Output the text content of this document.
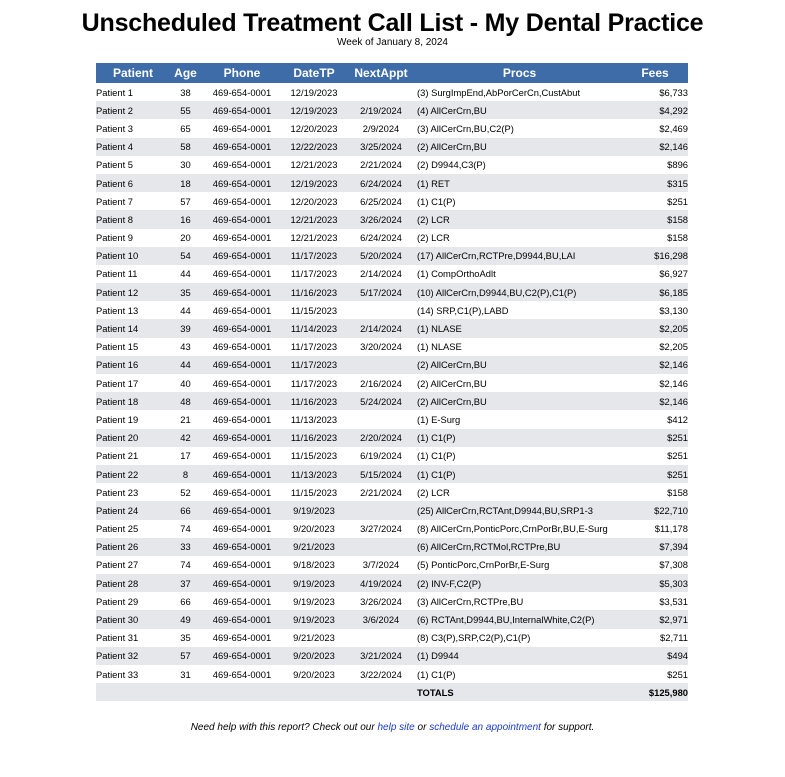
Unscheduled Treatment Call List - My Dental Practice
Week of January 8, 2024
Patient	Age	Phone	DateTP	NextAppt	Procs	Fees
Patient 1	38	469-654-0001	12/19/2023		(3) SurgImpEnd,AbPorCerCn,CustAbut	$6,733
Patient 2	55	469-654-0001	12/19/2023	2/19/2024	(4) AllCerCrn,BU	$4,292
Patient 3	65	469-654-0001	12/20/2023	2/9/2024	(3) AllCerCrn,BU,C2(P)	$2,469
Patient 4	58	469-654-0001	12/22/2023	3/25/2024	(2) AllCerCrn,BU	$2,146
Patient 5	30	469-654-0001	12/21/2023	2/21/2024	(2) D9944,C3(P)	$896
Patient 6	18	469-654-0001	12/19/2023	6/24/2024	(1) RET	$315
Patient 7	57	469-654-0001	12/20/2023	6/25/2024	(1) C1(P)	$251
Patient 8	16	469-654-0001	12/21/2023	3/26/2024	(2) LCR	$158
Patient 9	20	469-654-0001	12/21/2023	6/24/2024	(2) LCR	$158
Patient 10	54	469-654-0001	11/17/2023	5/20/2024	(17) AllCerCrn,RCTPre,D9944,BU,LAI	$16,298
Patient 11	44	469-654-0001	11/17/2023	2/14/2024	(1) CompOrthoAdlt	$6,927
Patient 12	35	469-654-0001	11/16/2023	5/17/2024	(10) AllCerCrn,D9944,BU,C2(P),C1(P)	$6,185
Patient 13	44	469-654-0001	11/15/2023		(14) SRP,C1(P),LABD	$3,130
Patient 14	39	469-654-0001	11/14/2023	2/14/2024	(1) NLASE	$2,205
Patient 15	43	469-654-0001	11/17/2023	3/20/2024	(1) NLASE	$2,205
Patient 16	44	469-654-0001	11/17/2023		(2) AllCerCrn,BU	$2,146
Patient 17	40	469-654-0001	11/17/2023	2/16/2024	(2) AllCerCrn,BU	$2,146
Patient 18	48	469-654-0001	11/16/2023	5/24/2024	(2) AllCerCrn,BU	$2,146
Patient 19	21	469-654-0001	11/13/2023		(1) E-Surg	$412
Patient 20	42	469-654-0001	11/16/2023	2/20/2024	(1) C1(P)	$251
Patient 21	17	469-654-0001	11/15/2023	6/19/2024	(1) C1(P)	$251
Patient 22	8	469-654-0001	11/13/2023	5/15/2024	(1) C1(P)	$251
Patient 23	52	469-654-0001	11/15/2023	2/21/2024	(2) LCR	$158
Patient 24	66	469-654-0001	9/19/2023		(25) AllCerCrn,RCTAnt,D9944,BU,SRP1-3	$22,710
Patient 25	74	469-654-0001	9/20/2023	3/27/2024	(8) AllCerCrn,PonticPorc,CrnPorBr,BU,E-Surg	$11,178
Patient 26	33	469-654-0001	9/21/2023		(6) AllCerCrn,RCTMol,RCTPre,BU	$7,394
Patient 27	74	469-654-0001	9/18/2023	3/7/2024	(5) PonticPorc,CrnPorBr,E-Surg	$7,308
Patient 28	37	469-654-0001	9/19/2023	4/19/2024	(2) INV-F,C2(P)	$5,303
Patient 29	66	469-654-0001	9/19/2023	3/26/2024	(3) AllCerCrn,RCTPre,BU	$3,531
Patient 30	49	469-654-0001	9/19/2023	3/6/2024	(6) RCTAnt,D9944,BU,InternalWhite,C2(P)	$2,971
Patient 31	35	469-654-0001	9/21/2023		(8) C3(P),SRP,C2(P),C1(P)	$2,711
Patient 32	57	469-654-0001	9/20/2023	3/21/2024	(1) D9944	$494
Patient 33	31	469-654-0001	9/20/2023	3/22/2024	(1) C1(P)	$251
					TOTALS	$125,980
Need help with this report? Check out our help site or schedule an appointment for support.
